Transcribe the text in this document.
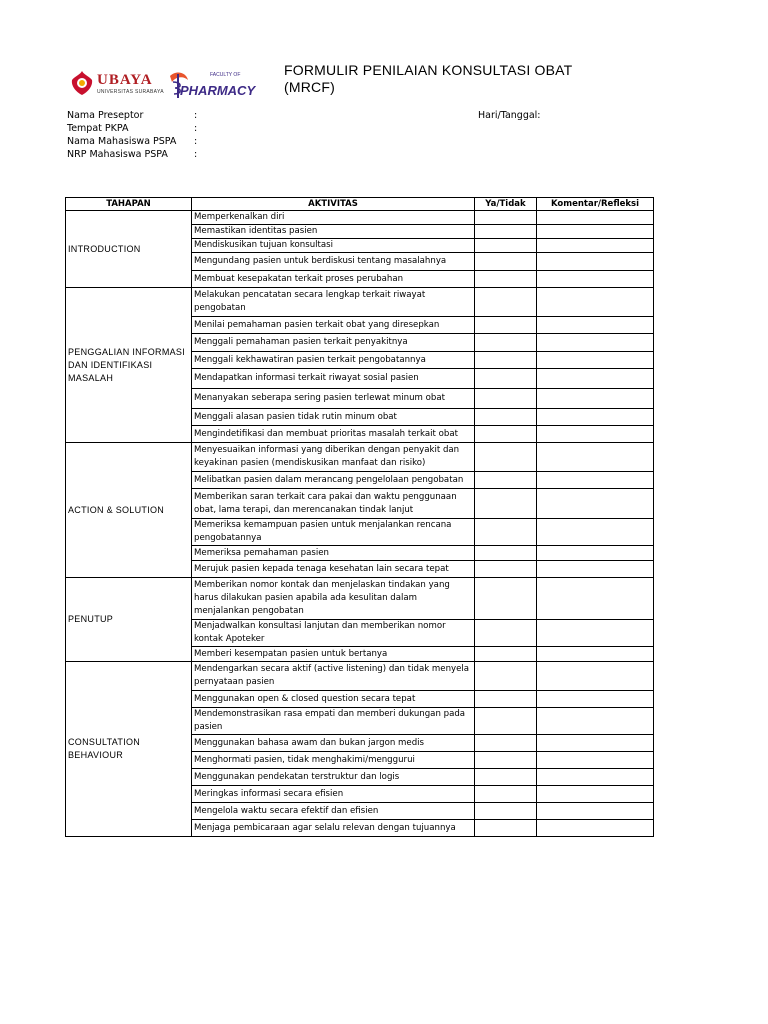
UBAYA
UNIVERSITAS SURABAYA
FACULTY OF
PHARMACY
FORMULIR PENILAIAN KONSULTASI OBAT (MRCF)
Nama Preseptor	:
Tempat PKPA	:
Nama Mahasiswa PSPA	:
NRP Mahasiswa PSPA	:
Hari/Tanggal:
TAHAPAN	AKTIVITAS	Ya/Tidak	Komentar/Refleksi
INTRODUCTION	Memperkenalkan diri		
	Memastikan identitas pasien		
	Mendiskusikan tujuan konsultasi		
	Mengundang pasien untuk berdiskusi tentang masalahnya		
	Membuat kesepakatan terkait proses perubahan		
PENGGALIAN INFORMASI DAN IDENTIFIKASI MASALAH	Melakukan pencatatan secara lengkap terkait riwayat pengobatan		
	Menilai pemahaman pasien terkait obat yang diresepkan		
	Menggali pemahaman pasien terkait penyakitnya		
	Menggali kekhawatiran pasien terkait pengobatannya		
	Mendapatkan informasi terkait riwayat sosial pasien		
	Menanyakan seberapa sering pasien terlewat minum obat		
	Menggali alasan pasien tidak rutin minum obat		
	Mengindetifikasi dan membuat prioritas masalah terkait obat		
ACTION & SOLUTION	Menyesuaikan informasi yang diberikan dengan penyakit dan keyakinan pasien (mendiskusikan manfaat dan risiko)		
	Melibatkan pasien dalam merancang pengelolaan pengobatan		
	Memberikan saran terkait cara pakai dan waktu penggunaan obat, lama terapi, dan merencanakan tindak lanjut		
	Memeriksa kemampuan pasien untuk menjalankan rencana pengobatannya		
	Memeriksa pemahaman pasien		
	Merujuk pasien kepada tenaga kesehatan lain secara tepat		
PENUTUP	Memberikan nomor kontak dan menjelaskan tindakan yang harus dilakukan pasien apabila ada kesulitan dalam menjalankan pengobatan		
	Menjadwalkan konsultasi lanjutan dan memberikan nomor kontak Apoteker		
	Memberi kesempatan pasien untuk bertanya		
CONSULTATION BEHAVIOUR	Mendengarkan secara aktif (active listening) dan tidak menyela pernyataan pasien		
	Menggunakan open & closed question secara tepat		
	Mendemonstrasikan rasa empati dan memberi dukungan pada pasien		
	Menggunakan bahasa awam dan bukan jargon medis		
	Menghormati pasien, tidak menghakimi/menggurui		
	Menggunakan pendekatan terstruktur dan logis		
	Meringkas informasi secara efisien		
	Mengelola waktu secara efektif dan efisien		
	Menjaga pembicaraan agar selalu relevan dengan tujuannya		
